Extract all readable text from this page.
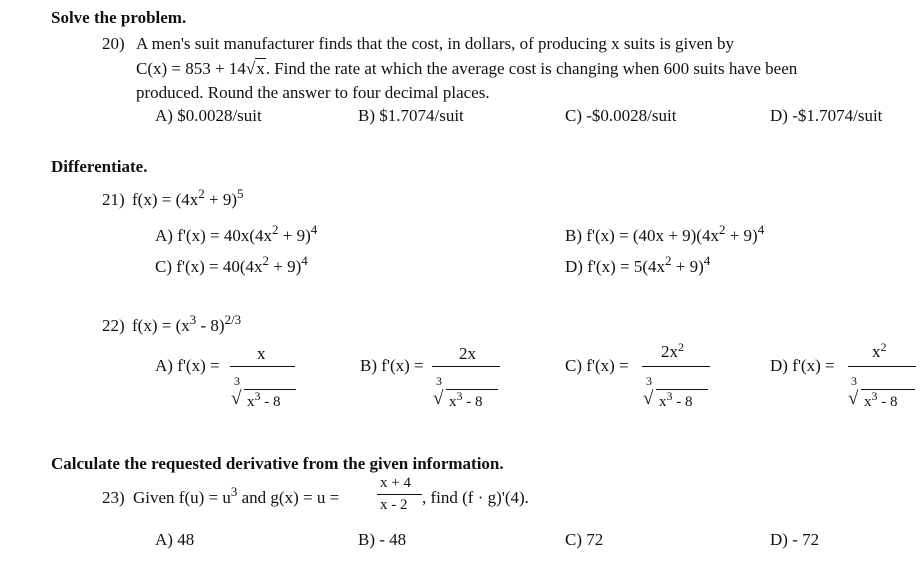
Solve the problem.
20) A men's suit manufacturer finds that the cost, in dollars, of producing x suits is given by
C(x) = 853 + 14√x. Find the rate at which the average cost is changing when 600 suits have been
produced. Round the answer to four decimal places.
A) $0.0028/suit	B) $1.7074/suit	C) -$0.0028/suit	D) -$1.7074/suit
Differentiate.
21) $f(x) = (4x^2 + 9)^5$
A) $f'(x) = 40x(4x^2 + 9)^4$	B) $f'(x) = (40x + 9)(4x^2 + 9)^4$
C) $f'(x) = 40(4x^2 + 9)^4$	D) $f'(x) = 5(4x^2 + 9)^4$
22) $f(x) = (x^3 - 8)^{2/3}$
A) f'(x) =
x
3
√ $x^3 - 8$
B) f'(x) =
2x
3
√ $x^3 - 8$
C) f'(x) =
$2x^2$
3
√ $x^3 - 8$
D) f'(x) =
$x^2$
3
√ $x^3 - 8$
Calculate the requested derivative from the given information.
23) Given $f(u) = u^3$ and g(x) = u =
x + 4
x - 2 , find (f · g)'(4).
A) 48	B) - 48	C) 72	D) - 72
